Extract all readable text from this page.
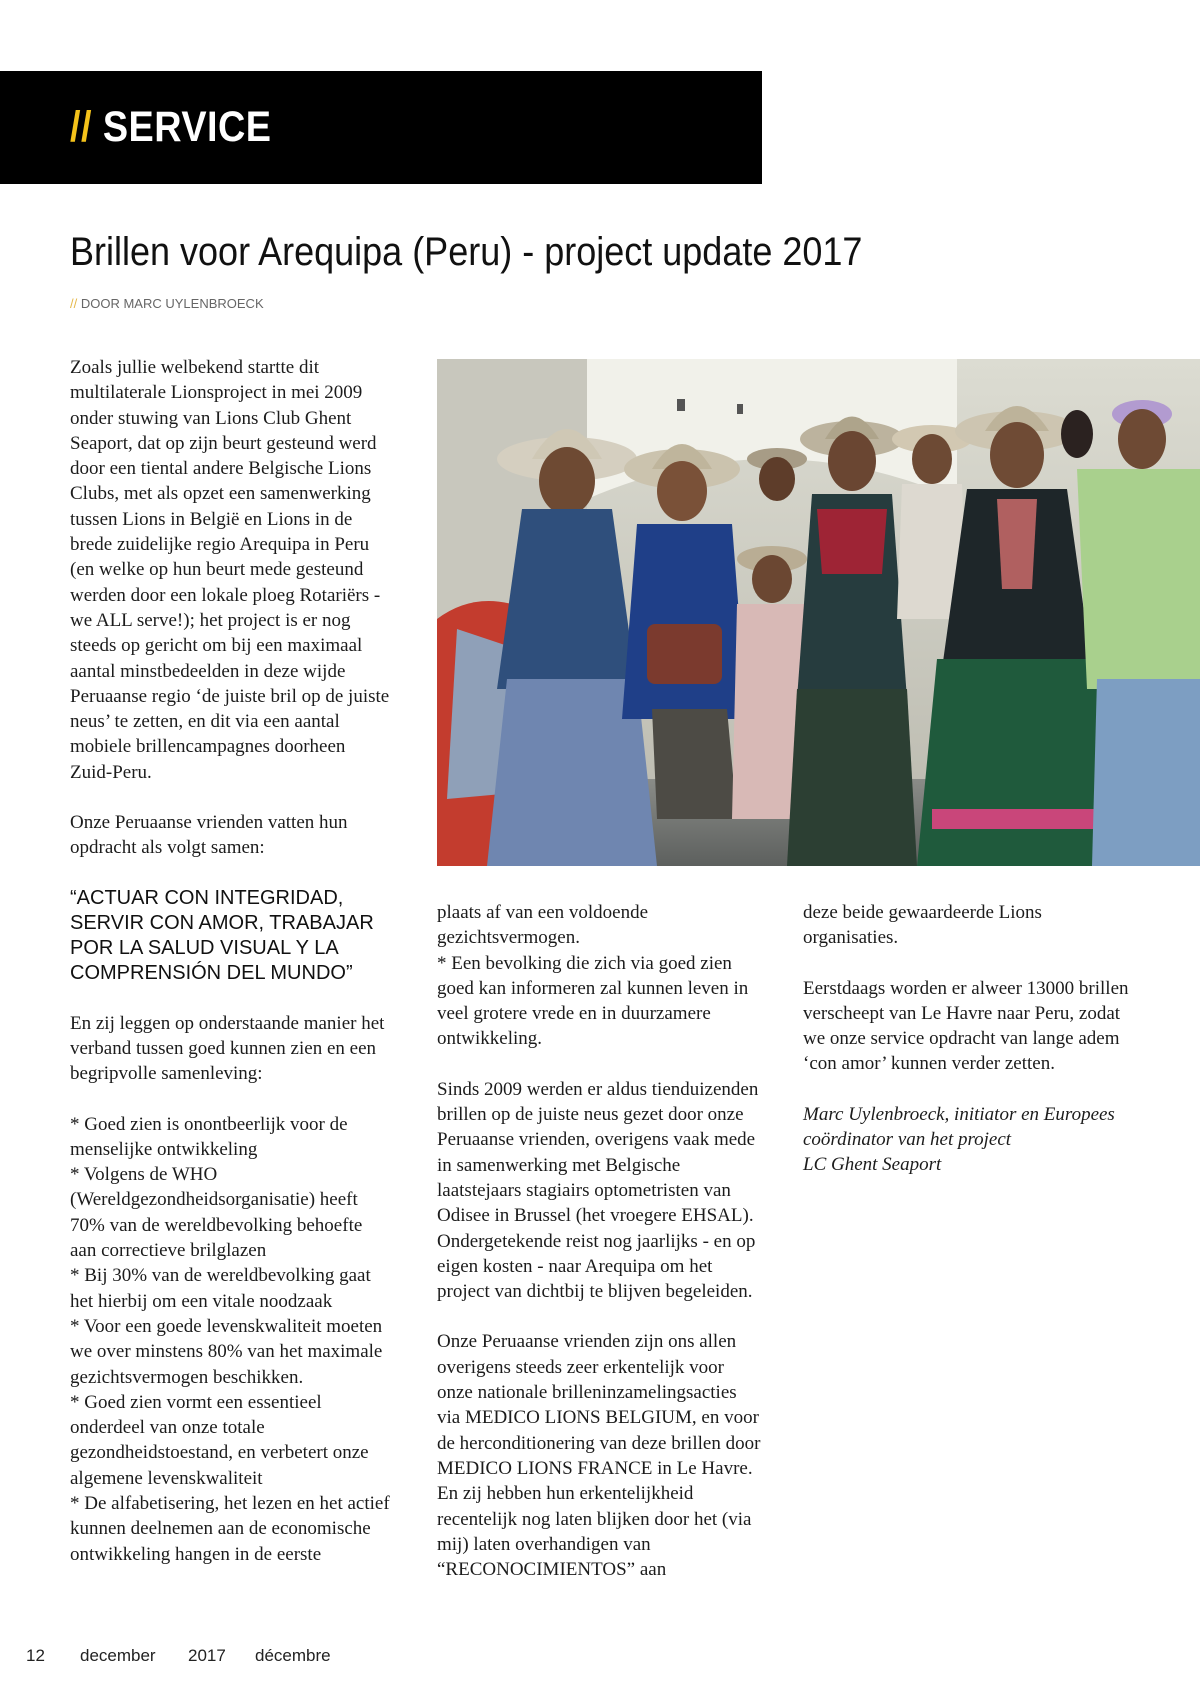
// SERVICE
Brillen voor Arequipa (Peru) - project update 2017
// DOOR MARC UYLENBROECK

Zoals jullie welbekend startte dit multilaterale Lionsproject in mei 2009 onder stuwing van Lions Club Ghent Seaport, dat op zijn beurt gesteund werd door een tiental andere Belgische Lions Clubs, met als opzet een samenwerking tussen Lions in België en Lions in de brede zuidelijke regio Arequipa in Peru (en welke op hun beurt mede gesteund werden door een lokale ploeg Rotariërs - we ALL serve!); het project is er nog steeds op gericht om bij een maximaal aantal minstbedeelden in deze wijde Peruaanse regio ‘de juiste bril op de juiste neus’ te zetten, en dit via een aantal mobiele brillencampagnes doorheen Zuid-Peru.

Onze Peruaanse vrienden vatten hun opdracht als volgt samen:

“ACTUAR CON INTEGRIDAD, SERVIR CON AMOR, TRABAJAR POR LA SALUD VISUAL Y LA COMPRENSIÓN DEL MUNDO”

En zij leggen op onderstaande manier het verband tussen goed kunnen zien en een begripvolle samenleving:

* Goed zien is onontbeerlijk voor de menselijke ontwikkeling
* Volgens de WHO (Wereldgezondheidsorganisatie) heeft 70% van de wereldbevolking behoefte aan correctieve brilglazen
* Bij 30% van de wereldbevolking gaat het hierbij om een vitale noodzaak
* Voor een goede levenskwaliteit moeten we over minstens 80% van het maximale gezichtsvermogen beschikken.
* Goed zien vormt een essentieel onderdeel van onze totale gezondheidstoestand, en verbetert onze algemene levenskwaliteit
* De alfabetisering, het lezen en het actief kunnen deelnemen aan de economische ontwikkeling hangen in de eerste

plaats af van een voldoende gezichtsvermogen.
* Een bevolking die zich via goed zien goed kan informeren zal kunnen leven in veel grotere vrede en in duurzamere ontwikkeling.

Sinds 2009 werden er aldus tienduizenden brillen op de juiste neus gezet door onze Peruaanse vrienden, overigens vaak mede in samenwerking met Belgische laatstejaars stagiairs optometristen van Odisee in Brussel (het vroegere EHSAL). Ondergetekende reist nog jaarlijks - en op eigen kosten - naar Arequipa om het project van dichtbij te blijven begeleiden.

Onze Peruaanse vrienden zijn ons allen overigens steeds zeer erkentelijk voor onze nationale brilleninzamelingsacties via MEDICO LIONS BELGIUM, en voor de herconditionering van deze brillen door MEDICO LIONS FRANCE in Le Havre. En zij hebben hun erkentelijkheid recentelijk nog laten blijken door het (via mij) laten overhandigen van “RECONOCIMIENTOS” aan

deze beide gewaardeerde Lions organisaties.

Eerstdaags worden er alweer 13000 brillen verscheept van Le Havre naar Peru, zodat we onze service opdracht van lange adem ‘con amor’ kunnen verder zetten.

Marc Uylenbroeck, initiator en Europees
coördinator van het project
LC Ghent Seaport
12 december 2017 décembre
